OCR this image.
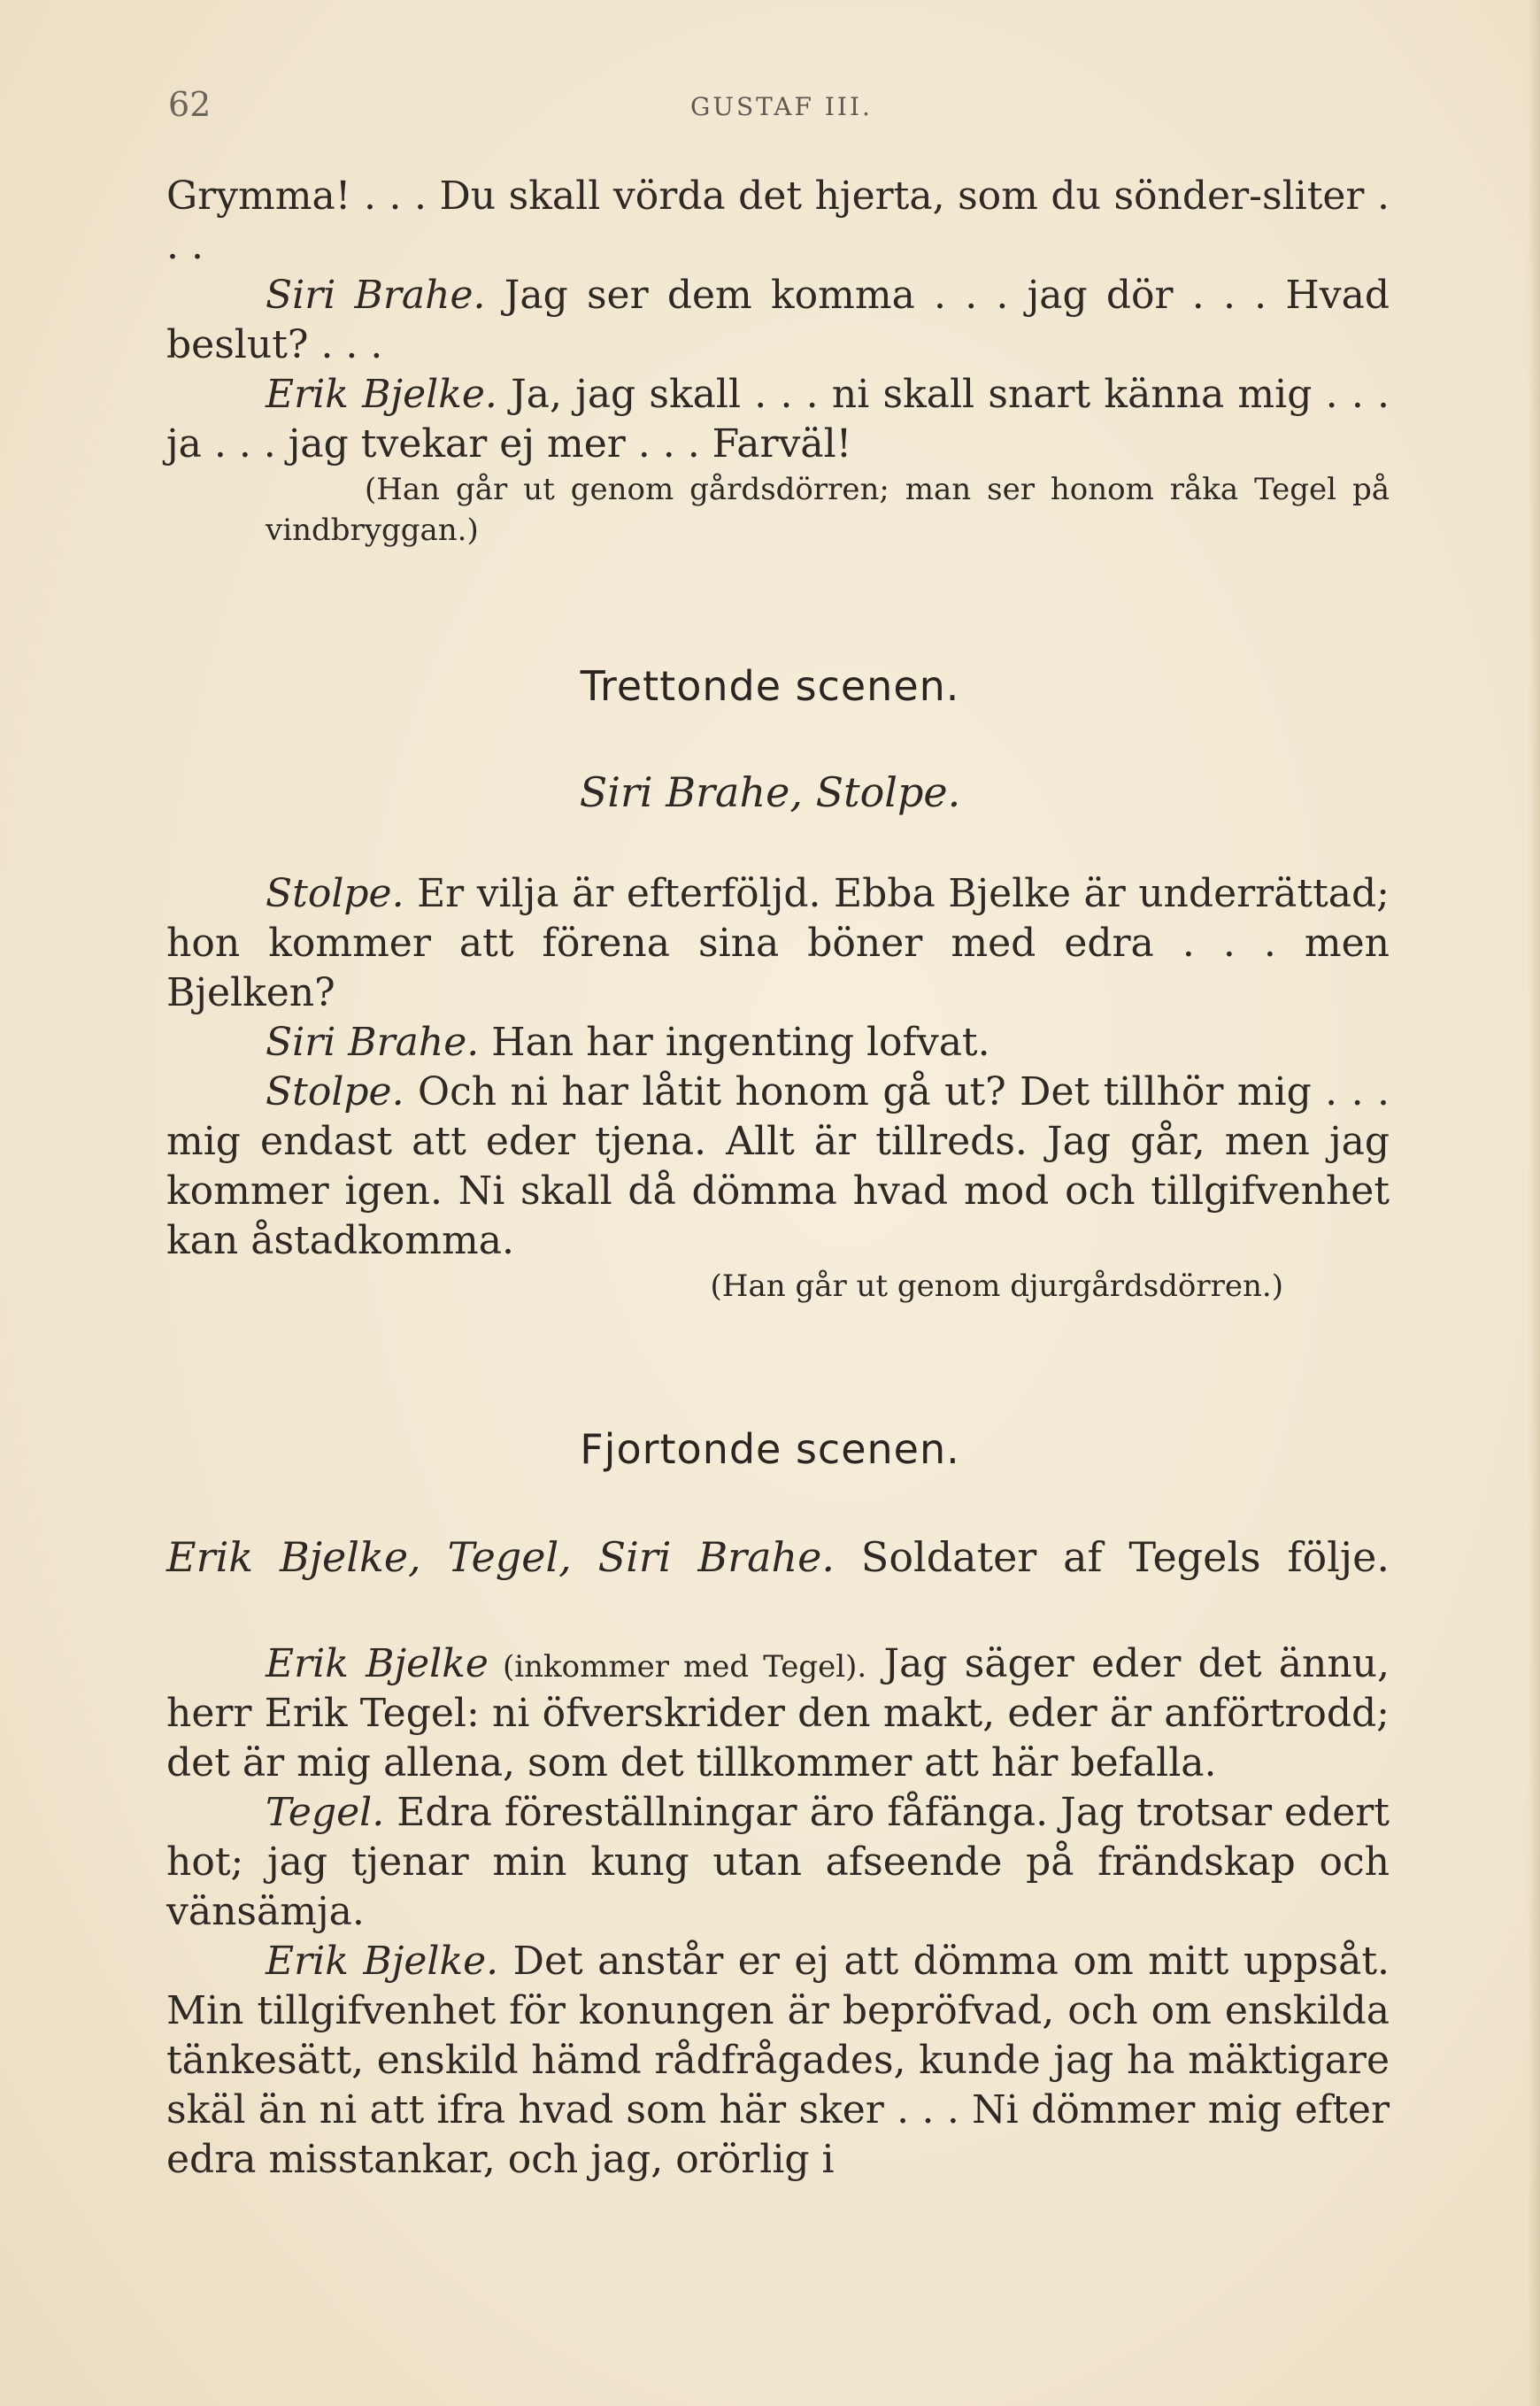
62	GUSTAF III.

Grymma! . . . Du skall vörda det hjerta, som du sönder-sliter . . .

Siri Brahe. Jag ser dem komma . . . jag dör . . . Hvad beslut? . . .

Erik Bjelke. Ja, jag skall . . . ni skall snart känna mig . . . ja . . . jag tvekar ej mer . . . Farväl!

(Han går ut genom gårdsdörren; man ser honom råka Tegel på vindbryggan.)

Trettonde scenen.
Siri Brahe, Stolpe.

Stolpe. Er vilja är efterföljd. Ebba Bjelke är underrättad; hon kommer att förena sina böner med edra . . . men Bjelken?

Siri Brahe. Han har ingenting lofvat.

Stolpe. Och ni har låtit honom gå ut? Det tillhör mig . . . mig endast att eder tjena. Allt är tillreds. Jag går, men jag kommer igen. Ni skall då dömma hvad mod och tillgifvenhet kan åstadkomma.

(Han går ut genom djurgårdsdörren.)

Fjortonde scenen.
Erik Bjelke, Tegel, Siri Brahe. Soldater af Tegels följe.

Erik Bjelke (inkommer med Tegel). Jag säger eder det ännu, herr Erik Tegel: ni öfverskrider den makt, eder är anförtrodd; det är mig allena, som det tillkommer att här befalla.

Tegel. Edra föreställningar äro fåfänga. Jag trotsar edert hot; jag tjenar min kung utan afseende på frändskap och vänsämja.

Erik Bjelke. Det anstår er ej att dömma om mitt uppsåt. Min tillgifvenhet för konungen är bepröfvad, och om enskilda tänkesätt, enskild hämd rådfrågades, kunde jag ha mäktigare skäl än ni att ifra hvad som här sker . . . Ni dömmer mig efter edra misstankar, och jag, orörlig i
